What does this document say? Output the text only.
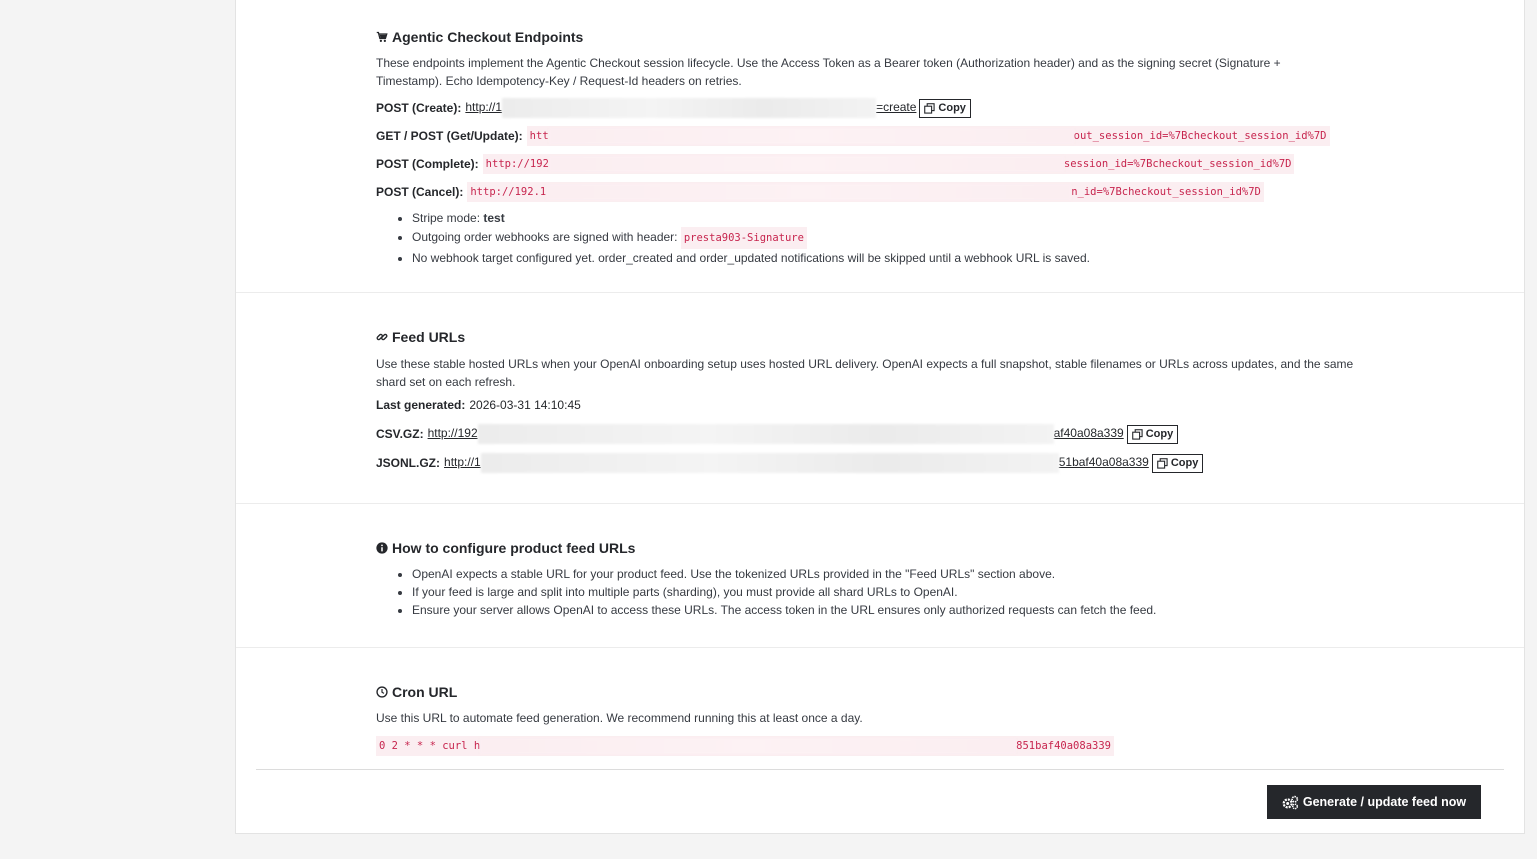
Agentic Checkout Endpoints

These endpoints implement the Agentic Checkout session lifecycle. Use the Access Token as a Bearer token (Authorization header) and as the signing secret (Signature + Timestamp). Echo Idempotency-Key / Request-Id headers on retries.

POST (Create): http://1	=create Copy
GET / POST (Get/Update): htt	out_session_id=%7Bcheckout_session_id%7D
POST (Complete): http://192	session_id=%7Bcheckout_session_id%7D
POST (Cancel): http://192.1	n_id=%7Bcheckout_session_id%7D
• Stripe mode: test
• Outgoing order webhooks are signed with header: presta903-Signature
• No webhook target configured yet. order_created and order_updated notifications will be skipped until a webhook URL is saved.
Feed URLs

Use these stable hosted URLs when your OpenAI onboarding setup uses hosted URL delivery. OpenAI expects a full snapshot, stable filenames or URLs across updates, and the same shard set on each refresh.

Last generated: 2026-03-31 14:10:45
CSV.GZ: http://192	af40a08a339 Copy
JSONL.GZ: http://1	51baf40a08a339 Copy
How to configure product feed URLs
• OpenAI expects a stable URL for your product feed. Use the tokenized URLs provided in the "Feed URLs" section above.
• If your feed is large and split into multiple parts (sharding), you must provide all shard URLs to OpenAI.
• Ensure your server allows OpenAI to access these URLs. The access token in the URL ensures only authorized requests can fetch the feed.
Cron URL

Use this URL to automate feed generation. We recommend running this at least once a day.

0 2 * * * curl h	851baf40a08a339
Generate / update feed now
